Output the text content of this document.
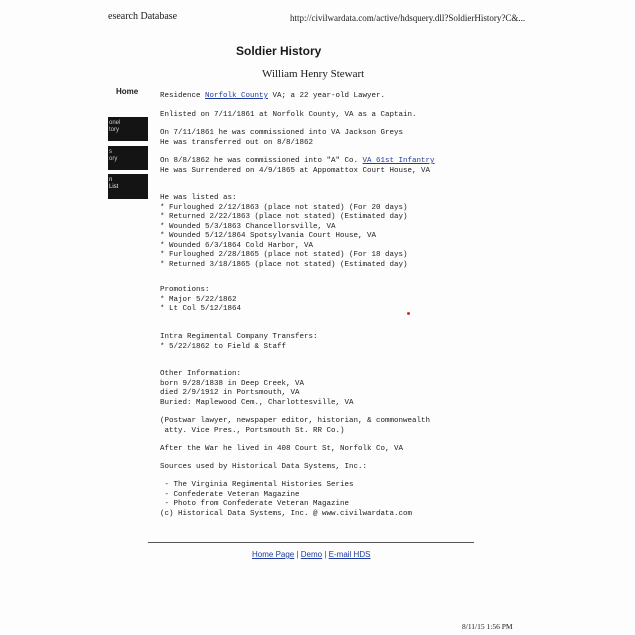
esearch Database	http://civilwardata.com/active/hdsquery.dll?SoldierHistory?C&...
Home
onel
tory
s
ory
n
List
Soldier History
William Henry Stewart
Residence Norfolk County VA; a 22 year-old Lawyer.
Enlisted on 7/11/1861 at Norfolk County, VA as a Captain.
On 7/11/1861 he was commissioned into VA Jackson Greys
He was transferred out on 8/8/1862
On 8/8/1862 he was commissioned into "A" Co. VA 61st Infantry
He was Surrendered on 4/9/1865 at Appomattox Court House, VA
He was listed as:
* Furloughed 2/12/1863 (place not stated) (For 20 days)
* Returned 2/22/1863 (place not stated) (Estimated day)
* Wounded 5/3/1863 Chancellorsville, VA
* Wounded 5/12/1864 Spotsylvania Court House, VA
* Wounded 6/3/1864 Cold Harbor, VA
* Furloughed 2/28/1865 (place not stated) (For 18 days)
* Returned 3/18/1865 (place not stated) (Estimated day)
Promotions:
* Major 5/22/1862
* Lt Col 5/12/1864
Intra Regimental Company Transfers:
* 5/22/1862 to Field & Staff
Other Information:
born 9/28/1838 in Deep Creek, VA
died 2/9/1912 in Portsmouth, VA
Buried: Maplewood Cem., Charlottesville, VA
(Postwar lawyer, newspaper editor, historian, & commonwealth
atty. Vice Pres., Portsmouth St. RR Co.)
After the War he lived in 408 Court St, Norfolk Co, VA
Sources used by Historical Data Systems, Inc.:
- The Virginia Regimental Histories Series
- Confederate Veteran Magazine
- Photo from Confederate Veteran Magazine
(c) Historical Data Systems, Inc. @ www.civilwardata.com
Home Page | Demo | E-mail HDS
8/11/15 1:56 PM
